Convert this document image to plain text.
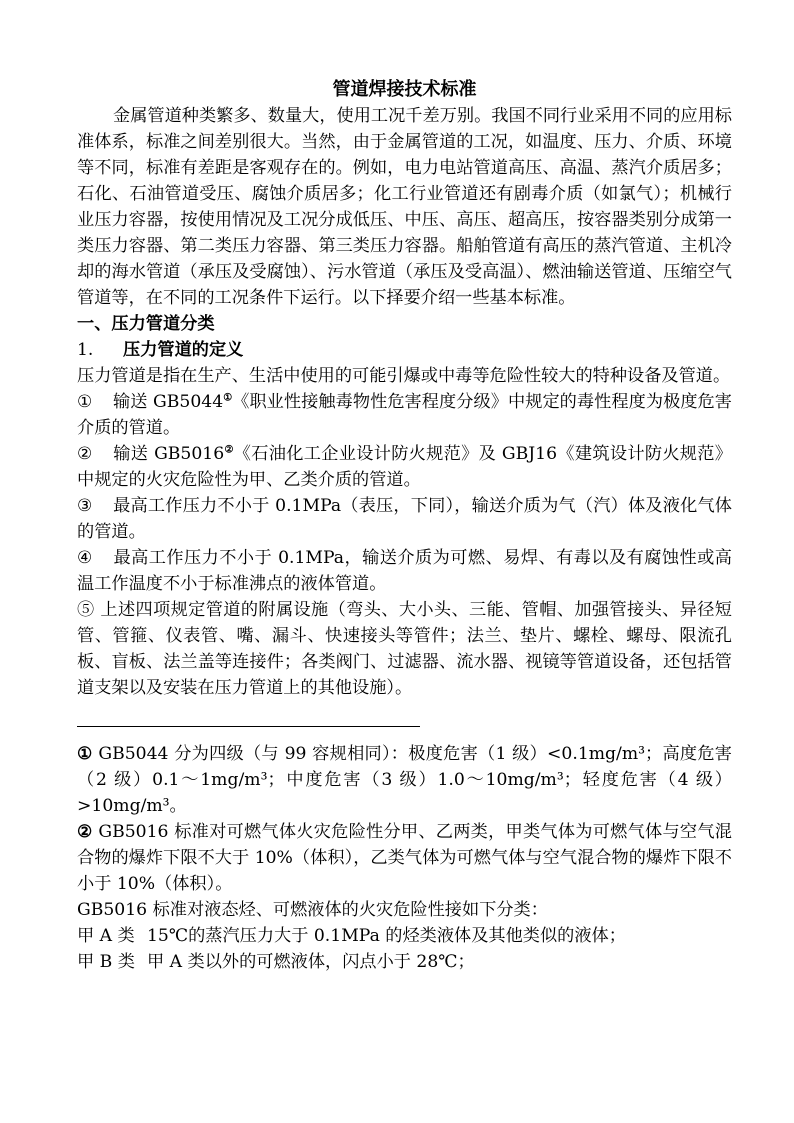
管道焊接技术标准

金属管道种类繁多、数量大，使用工况千差万别。我国不同行业采用不同的应用标准体系，标准之间差别很大。当然，由于金属管道的工况，如温度、压力、介质、环境等不同，标准有差距是客观存在的。例如，电力电站管道高压、高温、蒸汽介质居多；石化、石油管道受压、腐蚀介质居多；化工行业管道还有剧毒介质（如氯气）；机械行业压力容器，按使用情况及工况分成低压、中压、高压、超高压，按容器类别分成第一类压力容器、第二类压力容器、第三类压力容器。船舶管道有高压的蒸汽管道、主机冷却的海水管道（承压及受腐蚀）、污水管道（承压及受高温）、燃油输送管道、压缩空气管道等，在不同的工况条件下运行。以下择要介绍一些基本标准。

一、压力管道分类

1. 压力管道的定义

压力管道是指在生产、生活中使用的可能引爆或中毒等危险性较大的特种设备及管道。

① 输送 GB5044①《职业性接触毒物性危害程度分级》中规定的毒性程度为极度危害介质的管道。

② 输送 GB5016②《石油化工企业设计防火规范》及 GBJ16《建筑设计防火规范》中规定的火灾危险性为甲、乙类介质的管道。

③ 最高工作压力不小于 0.1MPa（表压，下同），输送介质为气（汽）体及液化气体的管道。

④ 最高工作压力不小于 0.1MPa，输送介质为可燃、易焊、有毒以及有腐蚀性或高温工作温度不小于标准沸点的液体管道。

⑤ 上述四项规定管道的附属设施（弯头、大小头、三能、管帽、加强管接头、异径短管、管箍、仪表管、嘴、漏斗、快速接头等管件；法兰、垫片、螺栓、螺母、限流孔板、盲板、法兰盖等连接件；各类阀门、过滤器、流水器、视镜等管道设备，还包括管道支架以及安装在压力管道上的其他设施）。

① GB5044 分为四级（与 99 容规相同）：极度危害（1 级）<0.1mg/m³；高度危害（2 级）0.1～1mg/m³；中度危害（3 级）1.0～10mg/m³；轻度危害（4 级）>10mg/m³。

② GB5016 标准对可燃气体火灾危险性分甲、乙两类，甲类气体为可燃气体与空气混合物的爆炸下限不大于 10%（体积），乙类气体为可燃气体与空气混合物的爆炸下限不小于 10%（体积）。

GB5016 标准对液态烃、可燃液体的火灾危险性接如下分类：

甲 A 类 15℃的蒸汽压力大于 0.1MPa 的烃类液体及其他类似的液体；

甲 B 类 甲 A 类以外的可燃液体，闪点小于 28℃；
